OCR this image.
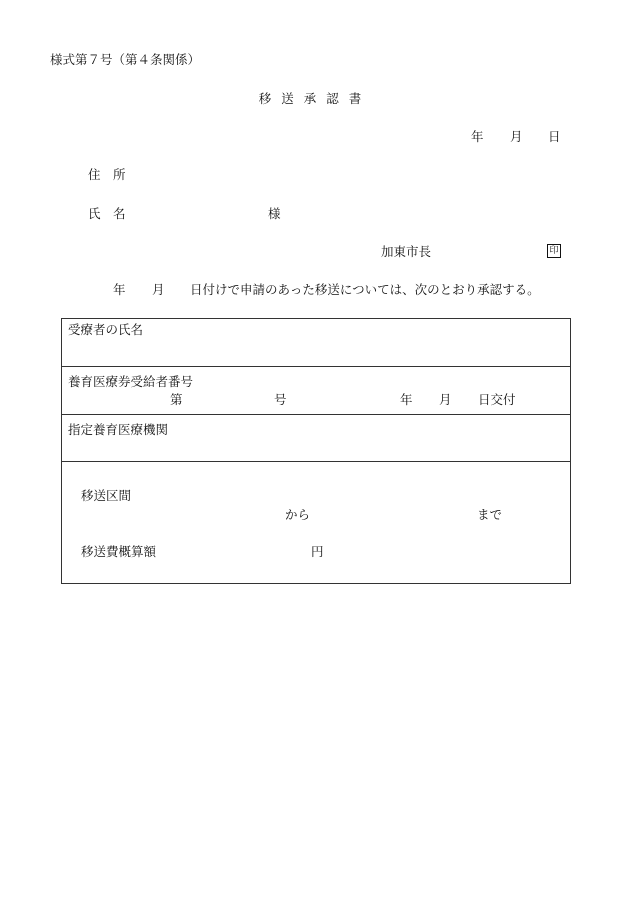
様式第７号（第４条関係）
移送承認書
年 月 日
住　所
氏　名	様
加東市長	印
年 月 日付けで申請のあった移送については、次のとおり承認する。
受療者の氏名
養育医療券受給者番号
第	号	年 月 日交付
指定養育医療機関
移送区間
から	まで
移送費概算額	円
